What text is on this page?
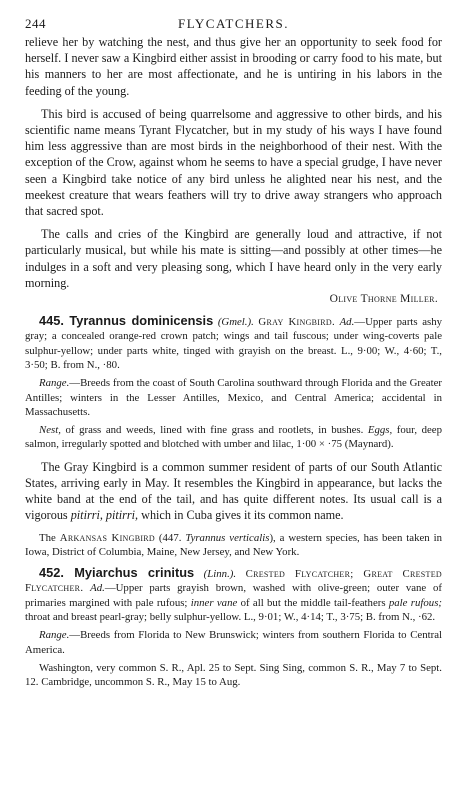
244	FLYCATCHERS.

relieve her by watching the nest, and thus give her an opportunity to seek food for herself. I never saw a Kingbird either assist in brooding or carry food to his mate, but his manners to her are most affectionate, and he is untiring in his labors in the feeding of the young.

This bird is accused of being quarrelsome and aggressive to other birds, and his scientific name means Tyrant Flycatcher, but in my study of his ways I have found him less aggressive than are most birds in the neighborhood of their nest. With the exception of the Crow, against whom he seems to have a special grudge, I have never seen a Kingbird take notice of any bird unless he alighted near his nest, and the meekest creature that wears feathers will try to drive away strangers who approach that sacred spot.

The calls and cries of the Kingbird are generally loud and attractive, if not particularly musical, but while his mate is sitting—and possibly at other times—he indulges in a soft and very pleasing song, which I have heard only in the very early morning.

Olive Thorne Miller.

445. Tyrannus dominicensis (Gmel.). Gray Kingbird. Ad.—Upper parts ashy gray; a concealed orange-red crown patch; wings and tail fuscous; under wing-coverts pale sulphur-yellow; under parts white, tinged with grayish on the breast. L., 9·00; W., 4·60; T., 3·50; B. from N., ·80.

Range.—Breeds from the coast of South Carolina southward through Florida and the Greater Antilles; winters in the Lesser Antilles, Mexico, and Central America; accidental in Massachusetts.

Nest, of grass and weeds, lined with fine grass and rootlets, in bushes. Eggs, four, deep salmon, irregularly spotted and blotched with umber and lilac, 1·00 × ·75 (Maynard).

The Gray Kingbird is a common summer resident of parts of our South Atlantic States, arriving early in May. It resembles the Kingbird in appearance, but lacks the white band at the end of the tail, and has quite different notes. Its usual call is a vigorous pitirri, pitirri, which in Cuba gives it its common name.

The Arkansas Kingbird (447. Tyrannus verticalis), a western species, has been taken in Iowa, District of Columbia, Maine, New Jersey, and New York.

452. Myiarchus crinitus (Linn.). Crested Flycatcher; Great Crested Flycatcher. Ad.—Upper parts grayish brown, washed with olive-green; outer vane of primaries margined with pale rufous; inner vane of all but the middle tail-feathers pale rufous; throat and breast pearl-gray; belly sulphur-yellow. L., 9·01; W., 4·14; T., 3·75; B. from N., ·62.

Range.—Breeds from Florida to New Brunswick; winters from southern Florida to Central America.

Washington, very common S. R., Apl. 25 to Sept. Sing Sing, common S. R., May 7 to Sept. 12. Cambridge, uncommon S. R., May 15 to Aug.
